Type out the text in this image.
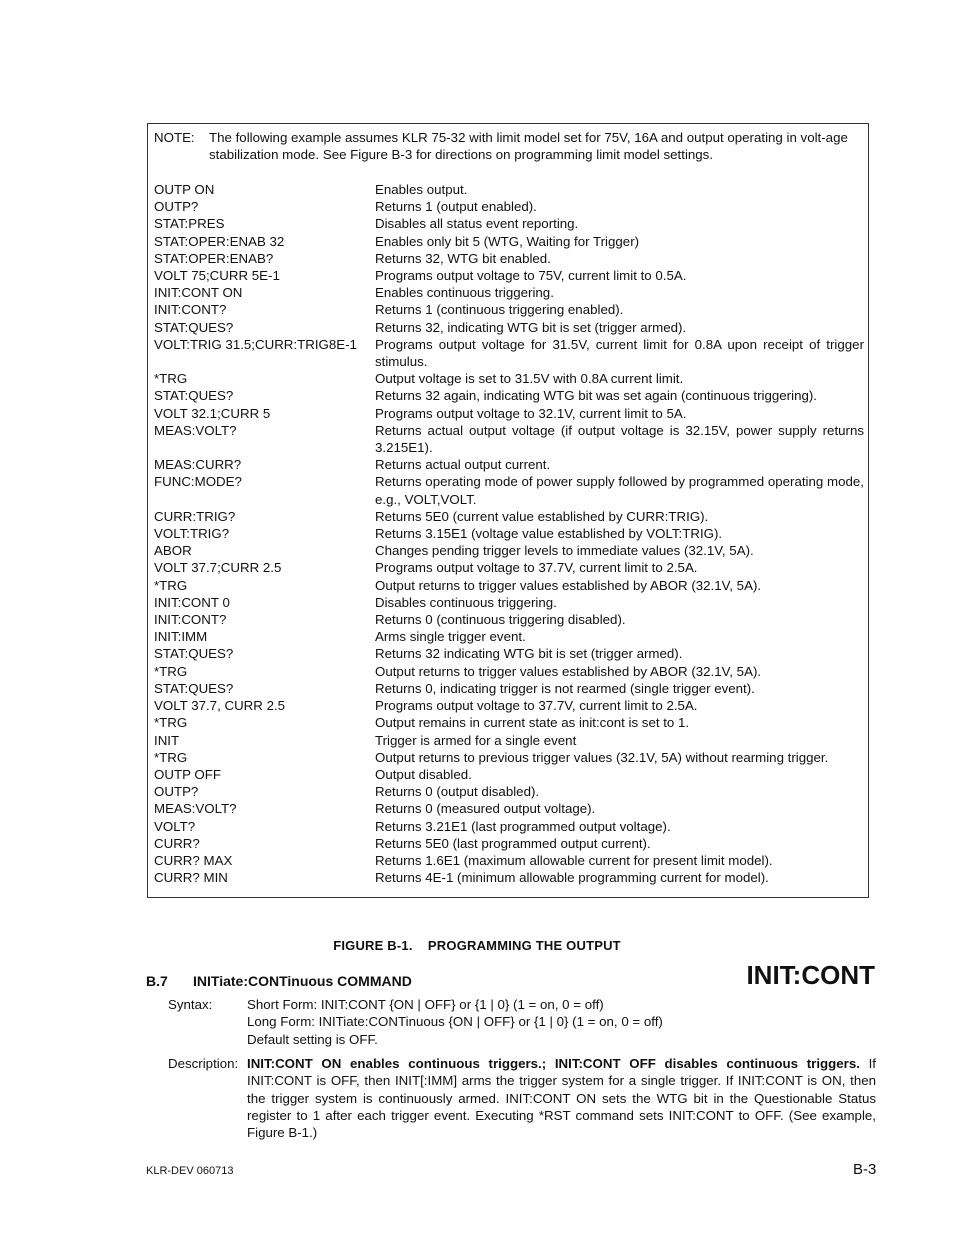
NOTE: The following example assumes KLR 75-32 with limit model set for 75V, 16A and output operating in volt-age stabilization mode. See Figure B-3 for directions on programming limit model settings.
OUTP ON	Enables output.
OUTP?	Returns 1 (output enabled).
STAT:PRES	Disables all status event reporting.
STAT:OPER:ENAB 32	Enables only bit 5 (WTG, Waiting for Trigger)
STAT:OPER:ENAB?	Returns 32, WTG bit enabled.
VOLT 75;CURR 5E-1	Programs output voltage to 75V, current limit to 0.5A.
INIT:CONT ON	Enables continuous triggering.
INIT:CONT?	Returns 1 (continuous triggering enabled).
STAT:QUES?	Returns 32, indicating WTG bit is set (trigger armed).
VOLT:TRIG 31.5;CURR:TRIG8E-1	Programs output voltage for 31.5V, current limit for 0.8A upon receipt of trigger stimulus.
*TRG	Output voltage is set to 31.5V with 0.8A current limit.
STAT:QUES?	Returns 32 again, indicating WTG bit was set again (continuous triggering).
VOLT 32.1;CURR 5	Programs output voltage to 32.1V, current limit to 5A.
MEAS:VOLT?	Returns actual output voltage (if output voltage is 32.15V, power supply returns 3.215E1).
MEAS:CURR?	Returns actual output current.
FUNC:MODE?	Returns operating mode of power supply followed by programmed operating mode, e.g., VOLT,VOLT.
CURR:TRIG?	Returns 5E0 (current value established by CURR:TRIG).
VOLT:TRIG?	Returns 3.15E1 (voltage value established by VOLT:TRIG).
ABOR	Changes pending trigger levels to immediate values (32.1V, 5A).
VOLT 37.7;CURR 2.5	Programs output voltage to 37.7V, current limit to 2.5A.
*TRG	Output returns to trigger values established by ABOR (32.1V, 5A).
INIT:CONT 0	Disables continuous triggering.
INIT:CONT?	Returns 0 (continuous triggering disabled).
INIT:IMM	Arms single trigger event.
STAT:QUES?	Returns 32 indicating WTG bit is set (trigger armed).
*TRG	Output returns to trigger values established by ABOR (32.1V, 5A).
STAT:QUES?	Returns 0, indicating trigger is not rearmed (single trigger event).
VOLT 37.7, CURR 2.5	Programs output voltage to 37.7V, current limit to 2.5A.
*TRG	Output remains in current state as init:cont is set to 1.
INIT	Trigger is armed for a single event
*TRG	Output returns to previous trigger values (32.1V, 5A) without rearming trigger.
OUTP OFF	Output disabled.
OUTP?	Returns 0 (output disabled).
MEAS:VOLT?	Returns 0 (measured output voltage).
VOLT?	Returns 3.21E1 (last programmed output voltage).
CURR?	Returns 5E0 (last programmed output current).
CURR? MAX	Returns 1.6E1 (maximum allowable current for present limit model).
CURR? MIN	Returns 4E-1 (minimum allowable programming current for model).
FIGURE B-1.    PROGRAMMING THE OUTPUT
B.7 INITiate:CONTinuous COMMAND	INIT:CONT
Syntax:	Short Form: INIT:CONT {ON | OFF} or {1 | 0} (1 = on, 0 = off)
Long Form: INITiate:CONTinuous {ON | OFF} or {1 | 0} (1 = on, 0 = off)
Default setting is OFF.
Description: INIT:CONT ON enables continuous triggers.; INIT:CONT OFF disables continuous triggers. If INIT:CONT is OFF, then INIT[:IMM] arms the trigger system for a single trigger. If INIT:CONT is ON, then the trigger system is continuously armed. INIT:CONT ON sets the WTG bit in the Questionable Status register to 1 after each trigger event. Executing *RST command sets INIT:CONT to OFF. (See example, Figure B-1.)
KLR-DEV 060713	B-3
